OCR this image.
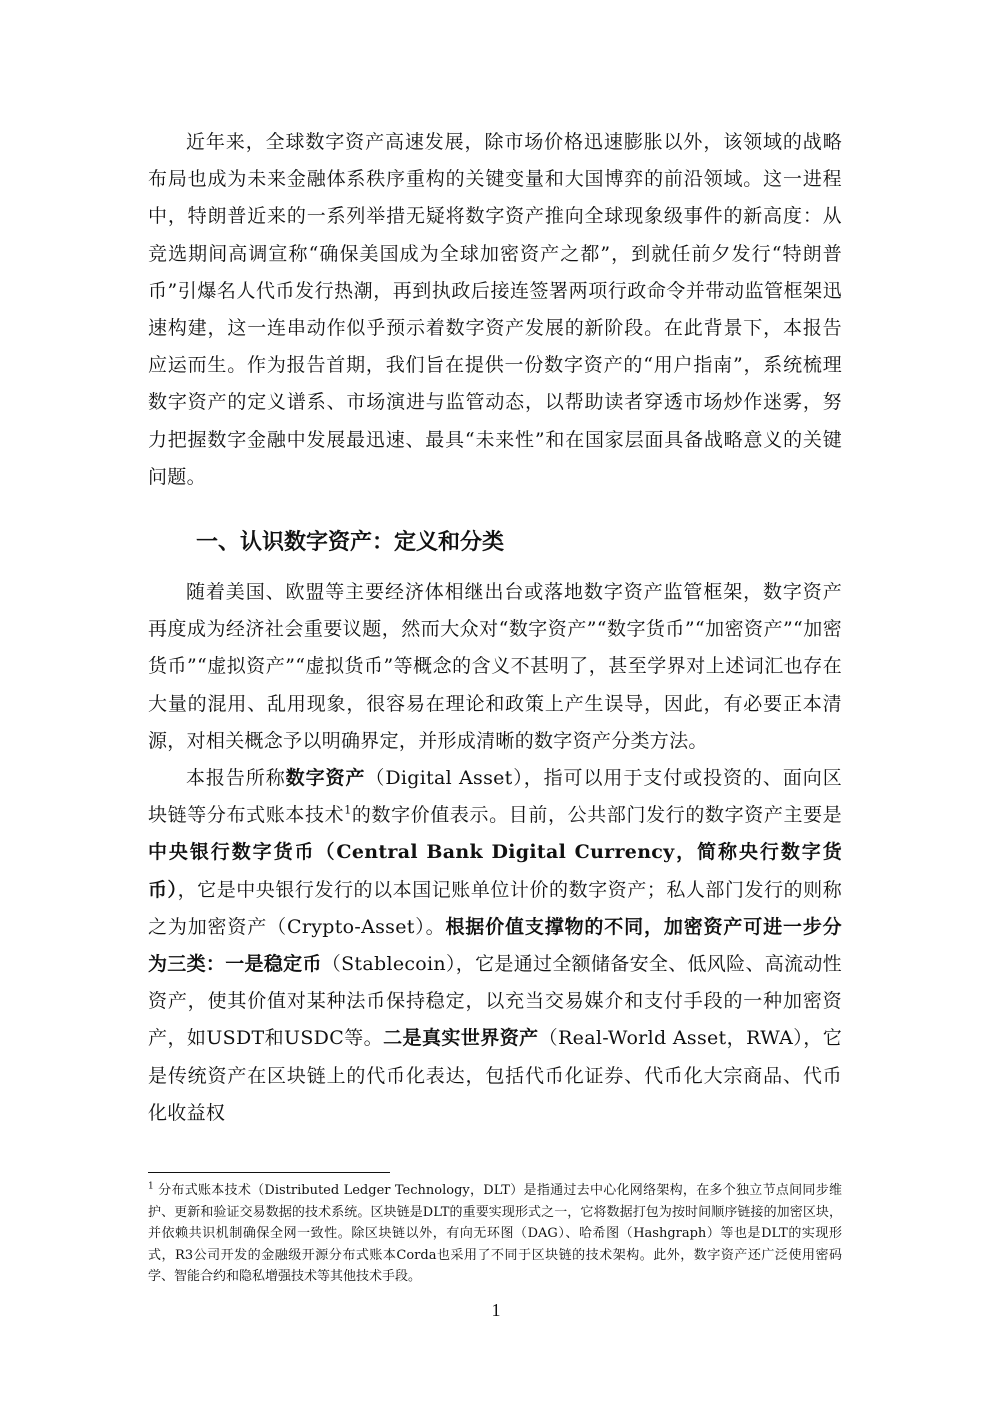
近年来，全球数字资产高速发展，除市场价格迅速膨胀以外，该领域的战略布局也成为未来金融体系秩序重构的关键变量和大国博弈的前沿领域。这一进程中，特朗普近来的一系列举措无疑将数字资产推向全球现象级事件的新高度：从竞选期间高调宣称“确保美国成为全球加密资产之都”，到就任前夕发行“特朗普币”引爆名人代币发行热潮，再到执政后接连签署两项行政命令并带动监管框架迅速构建，这一连串动作似乎预示着数字资产发展的新阶段。在此背景下，本报告应运而生。作为报告首期，我们旨在提供一份数字资产的“用户指南”，系统梳理数字资产的定义谱系、市场演进与监管动态，以帮助读者穿透市场炒作迷雾，努力把握数字金融中发展最迅速、最具“未来性”和在国家层面具备战略意义的关键问题。

一、认识数字资产：定义和分类

随着美国、欧盟等主要经济体相继出台或落地数字资产监管框架，数字资产再度成为经济社会重要议题，然而大众对“数字资产”“数字货币”“加密资产”“加密货币”“虚拟资产”“虚拟货币”等概念的含义不甚明了，甚至学界对上述词汇也存在大量的混用、乱用现象，很容易在理论和政策上产生误导，因此，有必要正本清源，对相关概念予以明确界定，并形成清晰的数字资产分类方法。

本报告所称数字资产（Digital Asset），指可以用于支付或投资的、面向区块链等分布式账本技术$^1$的数字价值表示。目前，公共部门发行的数字资产主要是中央银行数字货币（Central Bank Digital Currency，简称央行数字货币），它是中央银行发行的以本国记账单位计价的数字资产；私人部门发行的则称之为加密资产（Crypto-Asset）。根据价值支撑物的不同，加密资产可进一步分为三类：一是稳定币（Stablecoin），它是通过全额储备安全、低风险、高流动性资产，使其价值对某种法币保持稳定，以充当交易媒介和支付手段的一种加密资产，如USDT和USDC等。二是真实世界资产（Real-World Asset，RWA），它是传统资产在区块链上的代币化表达，包括代币化证券、代币化大宗商品、代币化收益权

$^1$ 分布式账本技术（Distributed Ledger Technology，DLT）是指通过去中心化网络架构，在多个独立节点间同步维护、更新和验证交易数据的技术系统。区块链是DLT的重要实现形式之一，它将数据打包为按时间顺序链接的加密区块，并依赖共识机制确保全网一致性。除区块链以外，有向无环图（DAG）、哈希图（Hashgraph）等也是DLT的实现形式，R3公司开发的金融级开源分布式账本Corda也采用了不同于区块链的技术架构。此外，数字资产还广泛使用密码学、智能合约和隐私增强技术等其他技术手段。

1
